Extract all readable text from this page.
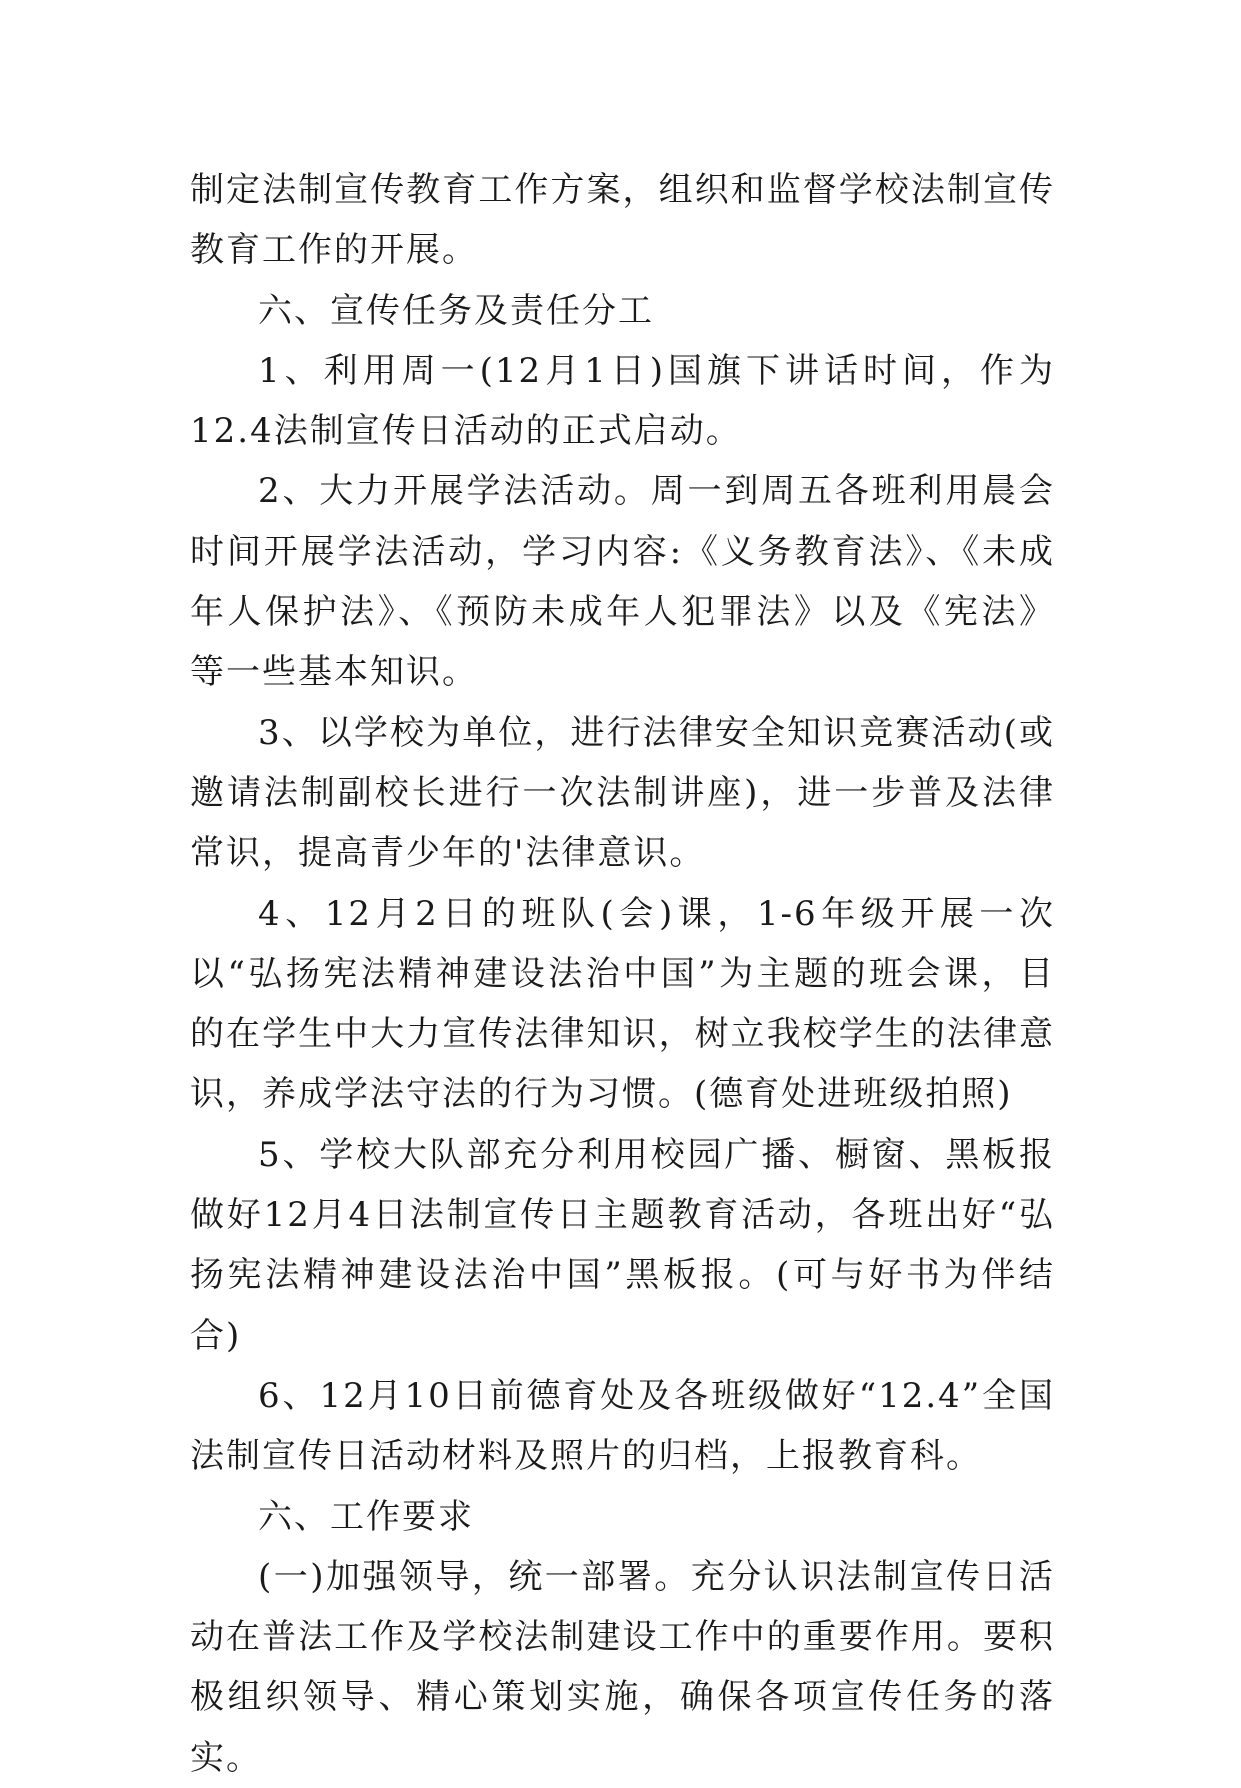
制定法制宣传教育工作方案，组织和监督学校法制宣传教育工作的开展。

六、宣传任务及责任分工

1、利用周一(12月1日)国旗下讲话时间，作为12.4法制宣传日活动的正式启动。

2、大力开展学法活动。周一到周五各班利用晨会时间开展学法活动，学习内容:《义务教育法》、《未成年人保护法》、《预防未成年人犯罪法》以及《宪法》等一些基本知识。

3、以学校为单位，进行法律安全知识竞赛活动(或邀请法制副校长进行一次法制讲座)，进一步普及法律常识，提高青少年的'法律意识。

4、12月2日的班队(会)课，1-6年级开展一次以“弘扬宪法精神建设法治中国”为主题的班会课，目的在学生中大力宣传法律知识，树立我校学生的法律意识，养成学法守法的行为习惯。(德育处进班级拍照)

5、学校大队部充分利用校园广播、橱窗、黑板报做好12月4日法制宣传日主题教育活动，各班出好“弘扬宪法精神建设法治中国”黑板报。(可与好书为伴结合)

6、12月10日前德育处及各班级做好“12.4”全国法制宣传日活动材料及照片的归档，上报教育科。

六、工作要求

(一)加强领导，统一部署。充分认识法制宣传日活动在普法工作及学校法制建设工作中的重要作用。要积极组织领导、精心策划实施，确保各项宣传任务的落实。
